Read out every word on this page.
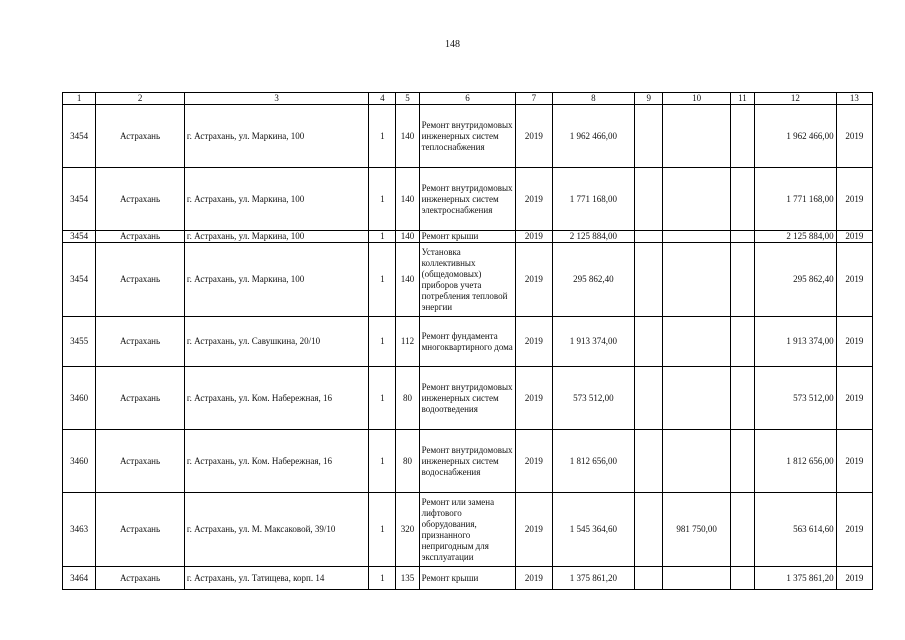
148
1	2	3	4	5	6	7	8	9	10	11	12	13
3454	Астрахань	г. Астрахань, ул. Маркина, 100	1	140	Ремонт внутридомовых инженерных систем теплоснабжения	2019	1 962 466,00				1 962 466,00	2019
3454	Астрахань	г. Астрахань, ул. Маркина, 100	1	140	Ремонт внутридомовых инженерных систем электроснабжения	2019	1 771 168,00				1 771 168,00	2019
3454	Астрахань	г. Астрахань, ул. Маркина, 100	1	140	Ремонт крыши	2019	2 125 884,00				2 125 884,00	2019
3454	Астрахань	г. Астрахань, ул. Маркина, 100	1	140	Установка коллективных (общедомовых) приборов учета потребления тепловой энергии	2019	295 862,40				295 862,40	2019
3455	Астрахань	г. Астрахань, ул. Савушкина, 20/10	1	112	Ремонт фундамента многоквартирного дома	2019	1 913 374,00				1 913 374,00	2019
3460	Астрахань	г. Астрахань, ул. Ком. Набережная, 16	1	80	Ремонт внутридомовых инженерных систем водоотведения	2019	573 512,00				573 512,00	2019
3460	Астрахань	г. Астрахань, ул. Ком. Набережная, 16	1	80	Ремонт внутридомовых инженерных систем водоснабжения	2019	1 812 656,00				1 812 656,00	2019
3463	Астрахань	г. Астрахань, ул. М. Максаковой, 39/10	1	320	Ремонт или замена лифтового оборудования, признанного непригодным для эксплуатации	2019	1 545 364,60		981 750,00		563 614,60	2019
3464	Астрахань	г. Астрахань, ул. Татищева, корп. 14	1	135	Ремонт крыши	2019	1 375 861,20				1 375 861,20	2019
